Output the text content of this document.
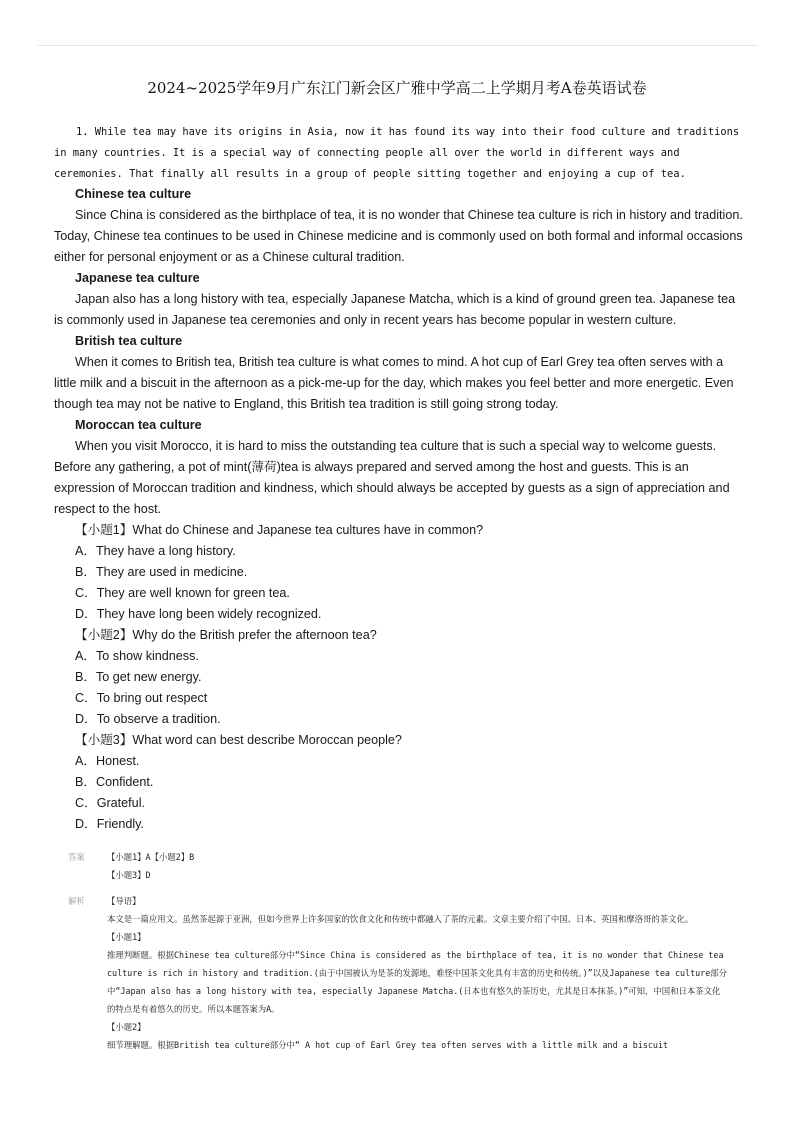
2024~2025学年9月广东江门新会区广雅中学高二上学期月考A卷英语试卷

1. While tea may have its origins in Asia, now it has found its way into their food culture and traditions in many countries. It is a special way of connecting people all over the world in different ways and ceremonies. That finally all results in a group of people sitting together and enjoying a cup of tea.

Chinese tea culture

Since China is considered as the birthplace of tea, it is no wonder that Chinese tea culture is rich in history and tradition. Today, Chinese tea continues to be used in Chinese medicine and is commonly used on both formal and informal occasions either for personal enjoyment or as a Chinese cultural tradition.

Japanese tea culture

Japan also has a long history with tea, especially Japanese Matcha, which is a kind of ground green tea. Japanese tea is commonly used in Japanese tea ceremonies and only in recent years has become popular in western culture.

British tea culture

When it comes to British tea, British tea culture is what comes to mind. A hot cup of Earl Grey tea often serves with a little milk and a biscuit in the afternoon as a pick-me-up for the day, which makes you feel better and more energetic. Even though tea may not be native to England, this British tea tradition is still going strong today.

Moroccan tea culture

When you visit Morocco, it is hard to miss the outstanding tea culture that is such a special way to welcome guests. Before any gathering, a pot of mint(薄荷)tea is always prepared and served among the host and guests. This is an expression of Moroccan tradition and kindness, which should always be accepted by guests as a sign of appreciation and respect to the host.

【小题1】What do Chinese and Japanese tea cultures have in common?

A．They have a long history.

B．They are used in medicine.

C．They are well known for green tea.

D．They have long been widely recognized.

【小题2】Why do the British prefer the afternoon tea?

A．To show kindness.

B．To get new energy.

C．To bring out respect

D．To observe a tradition.

【小题3】What word can best describe Moroccan people?

A．Honest.

B．Confident.

C．Grateful.

D．Friendly.

答案	【小题1】A【小题2】B

【小题3】D

解析	【导语】

本文是一篇应用文。虽然茶起源于亚洲，但如今世界上许多国家的饮食文化和传统中都融入了茶的元素。文章主要介绍了中国、日本、英国和摩洛哥的茶文化。

【小题1】

推理判断题。根据Chinese tea culture部分中“Since China is considered as the birthplace of tea, it is no wonder that Chinese tea culture is rich in history and tradition.(由于中国被认为是茶的发源地，难怪中国茶文化具有丰富的历史和传统。)”以及Japanese tea culture部分中“Japan also has a long history with tea, especially Japanese Matcha.(日本也有悠久的茶历史，尤其是日本抹茶。)”可知，中国和日本茶文化的特点是有着悠久的历史。所以本题答案为A。

【小题2】

细节理解题。根据British tea culture部分中“ A hot cup of Earl Grey tea often serves with a little milk and a biscuit
